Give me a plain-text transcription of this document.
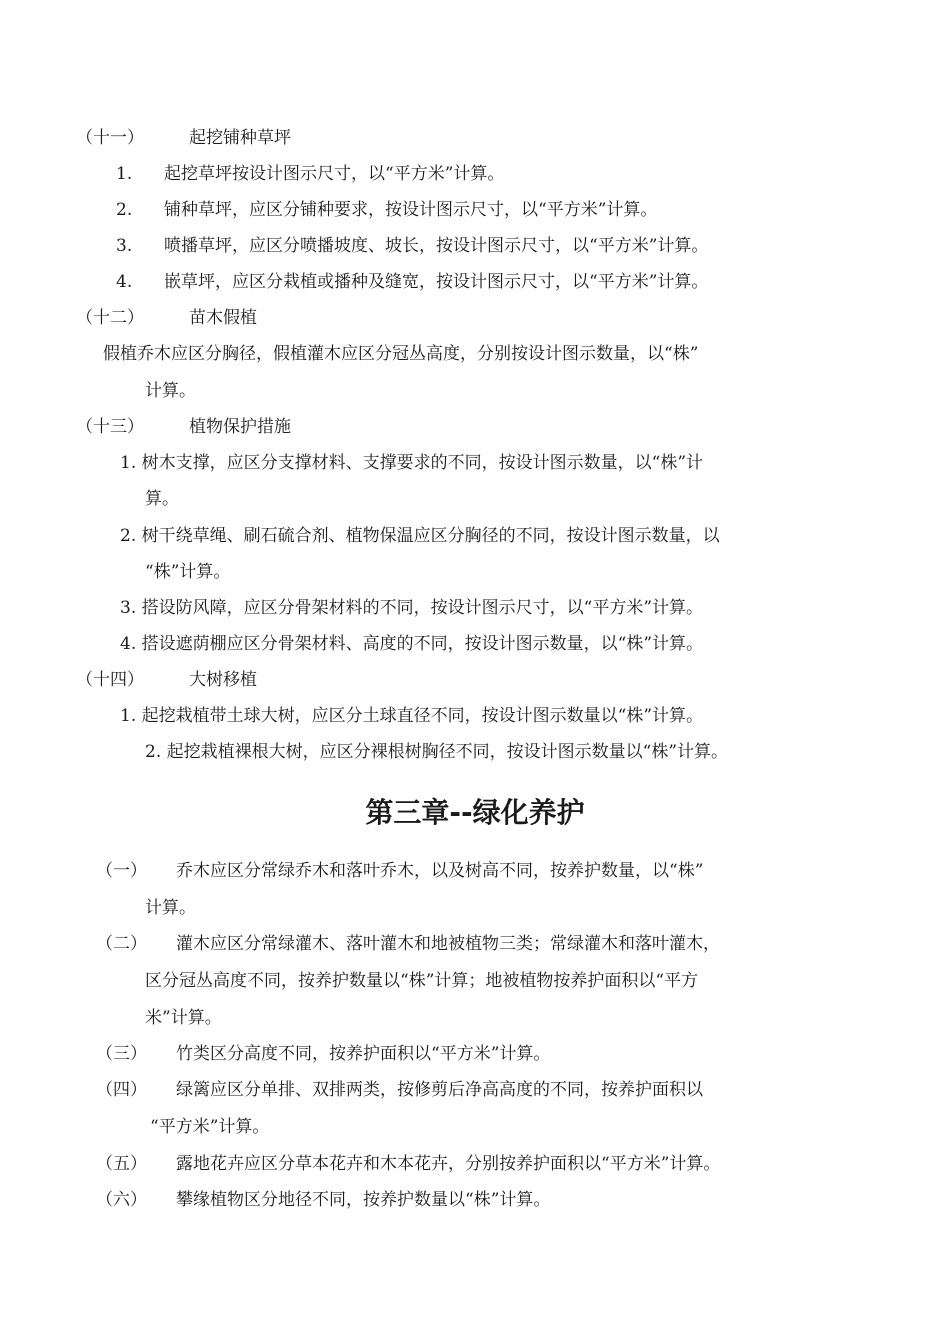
（十一）	起挖铺种草坪
1. 起挖草坪按设计图示尺寸，以“平方米”计算。
2. 铺种草坪，应区分铺种要求，按设计图示尺寸，以“平方米”计算。
3. 喷播草坪，应区分喷播坡度、坡长，按设计图示尺寸，以“平方米”计算。
4. 嵌草坪，应区分栽植或播种及缝宽，按设计图示尺寸，以“平方米”计算。
（十二）	苗木假植
假植乔木应区分胸径，假植灌木应区分冠丛高度，分别按设计图示数量，以“株”
计算。
（十三）	植物保护措施
1. 树木支撑，应区分支撑材料、支撑要求的不同，按设计图示数量，以“株”计
算。
2. 树干绕草绳、刷石硫合剂、植物保温应区分胸径的不同，按设计图示数量，以
“株”计算。
3. 搭设防风障，应区分骨架材料的不同，按设计图示尺寸，以“平方米”计算。
4. 搭设遮荫棚应区分骨架材料、高度的不同，按设计图示数量，以“株”计算。
（十四）	大树移植
1. 起挖栽植带土球大树，应区分土球直径不同，按设计图示数量以“株”计算。
2. 起挖栽植裸根大树，应区分裸根树胸径不同，按设计图示数量以“株”计算。
第三章--绿化养护
（一） 乔木应区分常绿乔木和落叶乔木，以及树高不同，按养护数量，以“株”
计算。
（二） 灌木应区分常绿灌木、落叶灌木和地被植物三类；常绿灌木和落叶灌木，
区分冠丛高度不同，按养护数量以“株”计算；地被植物按养护面积以“平方
米”计算。
（三） 竹类区分高度不同，按养护面积以“平方米”计算。
（四） 绿篱应区分单排、双排两类，按修剪后净高高度的不同，按养护面积以
“平方米”计算。
（五） 露地花卉应区分草本花卉和木本花卉，分别按养护面积以“平方米”计算。
（六） 攀缘植物区分地径不同，按养护数量以“株”计算。
